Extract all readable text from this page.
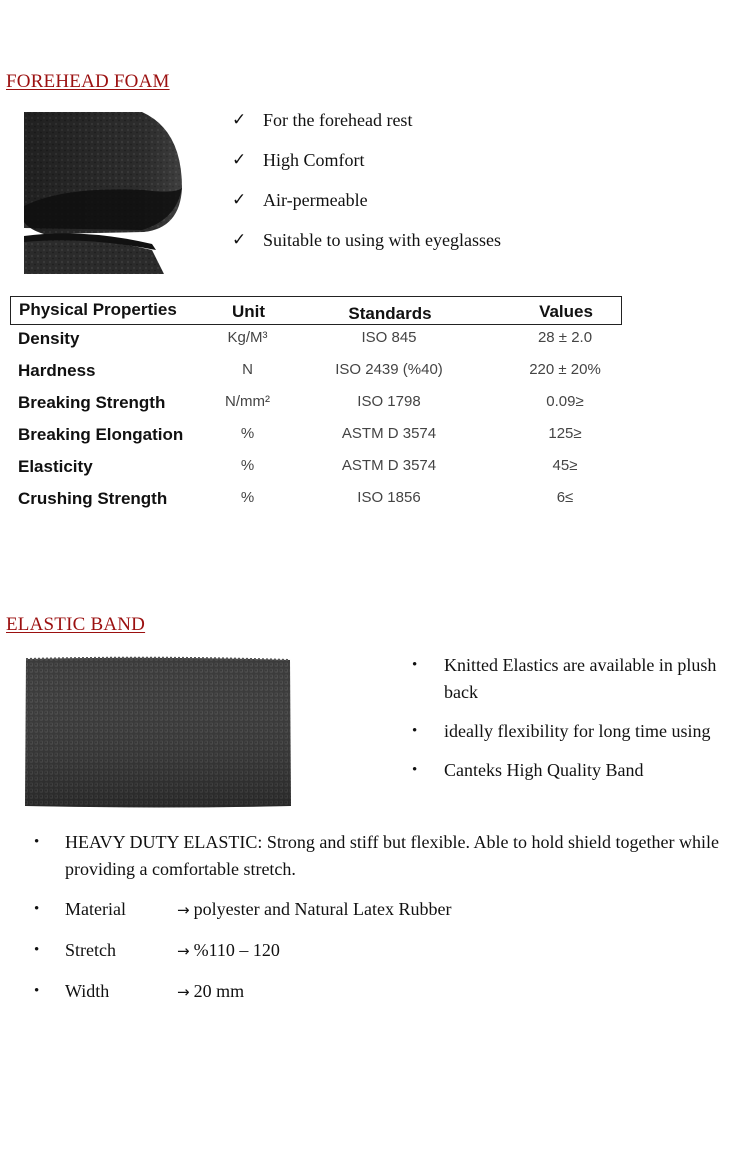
FOREHEAD FOAM
✓ For the forehead rest
✓ High Comfort
✓ Air-permeable
✓ Suitable to using with eyeglasses
Physical Properties	Unit	Standards	Values
Density	Kg/M³	ISO 845	28 ± 2.0
Hardness	N	ISO 2439 (%40)	220 ± 20%
Breaking Strength	N/mm²	ISO 1798	0.09≥
Breaking Elongation	%	ASTM D 3574	125≥
Elasticity	%	ASTM D 3574	45≥
Crushing Strength	%	ISO 1856	6≤
ELASTIC BAND
• Knitted Elastics are available in plush back
• ideally flexibility for long time using
• Canteks High Quality Band
• HEAVY DUTY ELASTIC: Strong and stiff but flexible. Able to hold shield together while providing a comfortable stretch.
• Material	→ polyester and Natural Latex Rubber
• Stretch	→ %110 – 120
• Width	→ 20 mm
